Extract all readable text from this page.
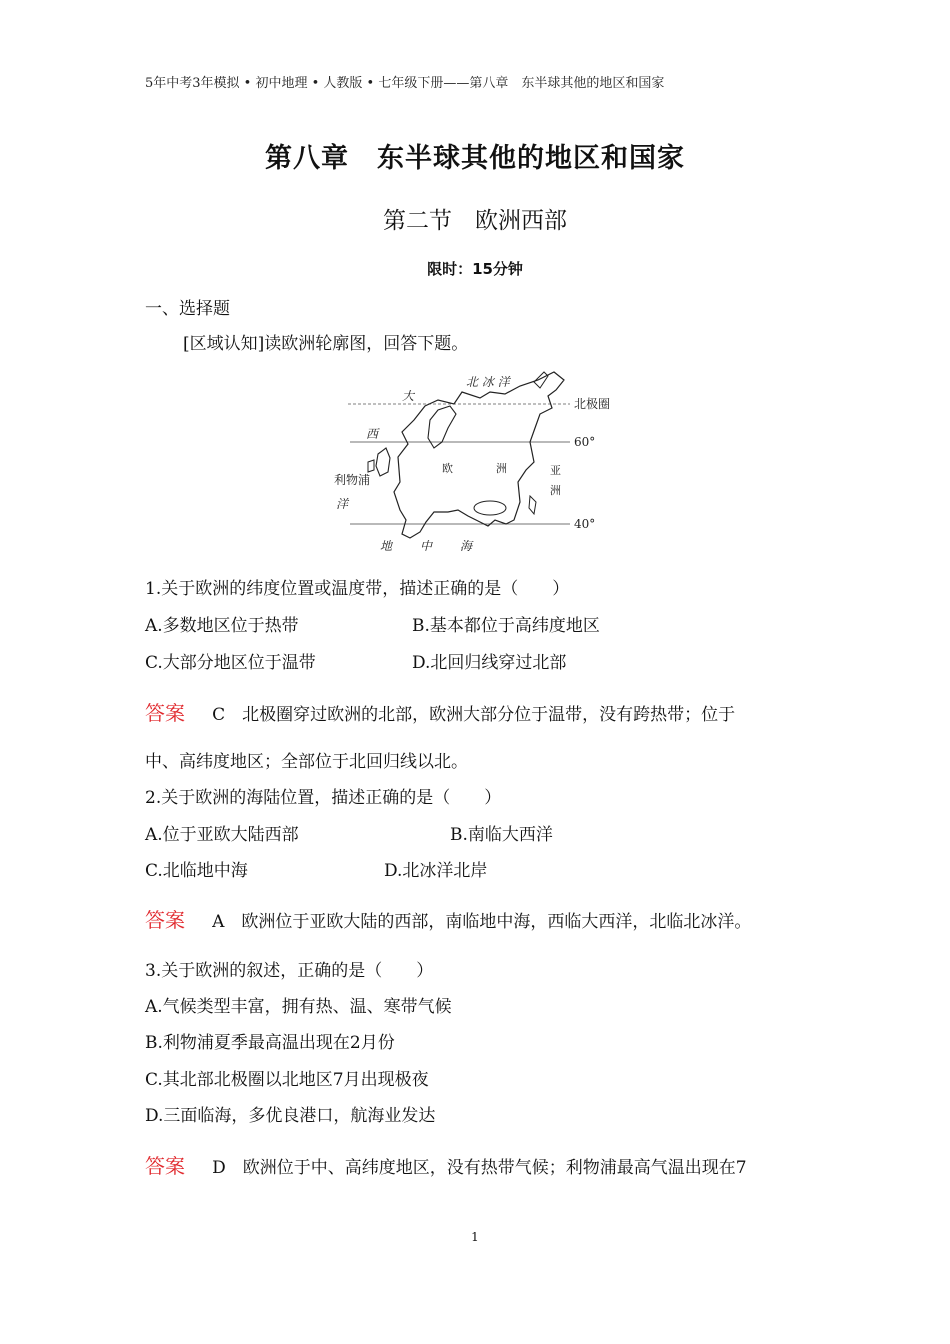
5年中考3年模拟 • 初中地理 • 人教版 • 七年级下册——第八章　东半球其他的地区和国家
第八章　东半球其他的地区和国家
第二节　欧洲西部
限时：15分钟
一、选择题
[区域认知]读欧洲轮廓图，回答下题。
北 冰 洋
北极圈
60°
40°
大
西
利物浦
洋
欧	洲	亚
洲
地 中 海
1.关于欧洲的纬度位置或温度带，描述正确的是（　　）
A.多数地区位于热带	B.基本都位于高纬度地区
C.大部分地区位于温带	D.北回归线穿过北部
答案 C　北极圈穿过欧洲的北部，欧洲大部分位于温带，没有跨热带；位于
中、高纬度地区；全部位于北回归线以北。
2.关于欧洲的海陆位置，描述正确的是（　　）
A.位于亚欧大陆西部	B.南临大西洋
C.北临地中海	D.北冰洋北岸
答案 A　欧洲位于亚欧大陆的西部，南临地中海，西临大西洋，北临北冰洋。
3.关于欧洲的叙述，正确的是（　　）
A.气候类型丰富，拥有热、温、寒带气候
B.利物浦夏季最高温出现在2月份
C.其北部北极圈以北地区7月出现极夜
D.三面临海，多优良港口，航海业发达
答案 D　欧洲位于中、高纬度地区，没有热带气候；利物浦最高气温出现在7
1
